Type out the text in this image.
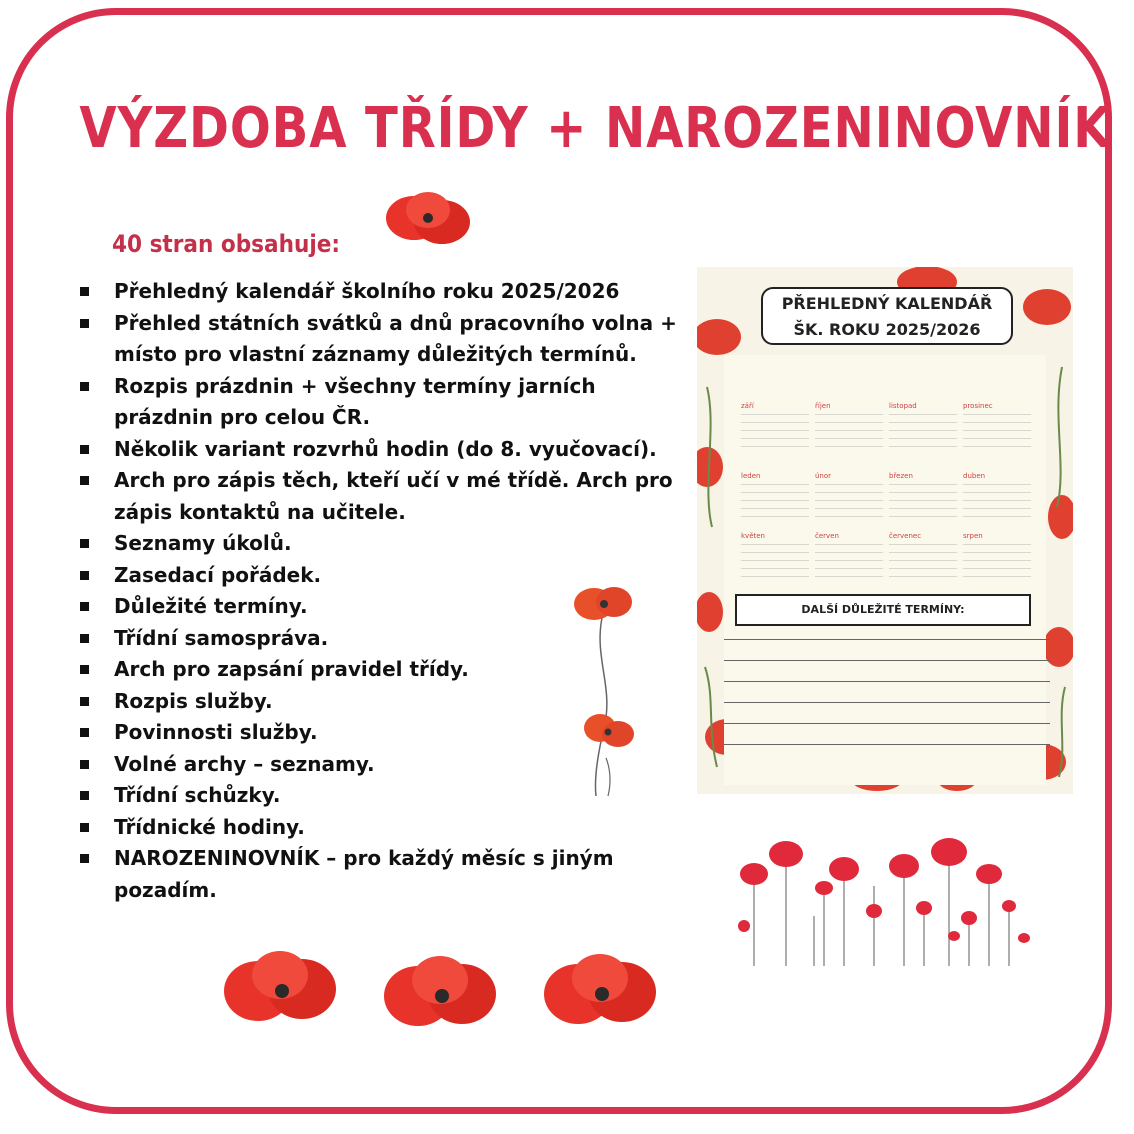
VÝZDOBA TŘÍDY + NAROZENINOVNÍK
40 stran obsahuje:
Přehledný kalendář školního roku 2025/2026
Přehled státních svátků a dnů pracovního volna + místo pro vlastní záznamy důležitých termínů.
Rozpis prázdnin + všechny termíny jarních prázdnin pro celou ČR.
Několik variant rozvrhů hodin (do 8. vyučovací).
Arch pro zápis těch, kteří učí v mé třídě. Arch pro zápis kontaktů na učitele.
Seznamy úkolů.
Zasedací pořádek.
Důležité termíny.
Třídní samospráva.
Arch pro zapsání pravidel třídy.
Rozpis služby.
Povinnosti služby.
Volné archy – seznamy.
Třídní schůzky.
Třídnické hodiny.
NAROZENINOVNÍK – pro každý měsíc s jiným pozadím.
PŘEHLEDNÝ KALENDÁŘ
ŠK. ROKU 2025/2026
září	říjen	listopad	prosinec
leden	únor	březen	duben
květen	červen	červenec	srpen
DALŠÍ DŮLEŽITÉ TERMÍNY:
